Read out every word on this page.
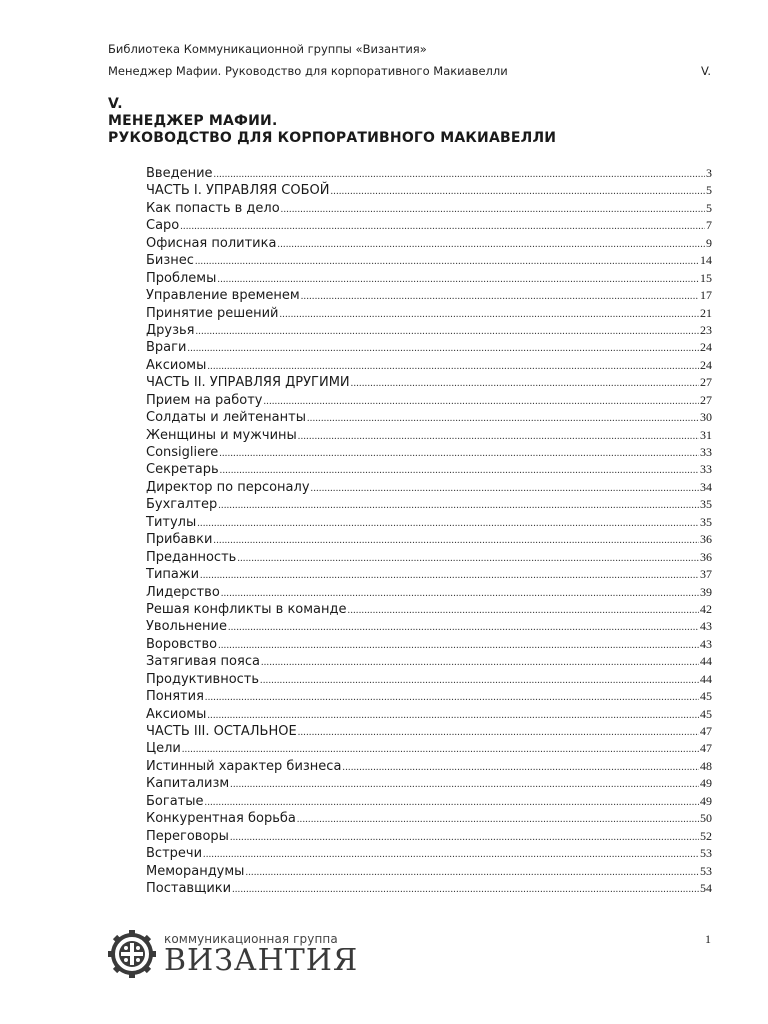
Библиотека Коммуникационной группы «Византия»
Менеджер Мафии. Руководство для корпоративного Макиавелли	V.
V.
МЕНЕДЖЕР МАФИИ.
РУКОВОДСТВО ДЛЯ КОРПОРАТИВНОГО МАКИАВЕЛЛИ
Введение .....	3
ЧАСТЬ I. УПРАВЛЯЯ СОБОЙ .....	5
Как попасть в дело .....	5
Capo .....	7
Офисная политика .....	9
Бизнес .....	14
Проблемы .....	15
Управление временем .....	17
Принятие решений .....	21
Друзья .....	23
Враги .....	24
Аксиомы .....	24
ЧАСТЬ II. УПРАВЛЯЯ ДРУГИМИ .....	27
Прием на работу .....	27
Солдаты и лейтенанты .....	30
Женщины и мужчины .....	31
Consigliere .....	33
Секретарь .....	33
Директор по персоналу .....	34
Бухгалтер .....	35
Титулы .....	35
Прибавки .....	36
Преданность .....	36
Типажи .....	37
Лидерство .....	39
Решая конфликты в команде .....	42
Увольнение .....	43
Воровство .....	43
Затягивая пояса .....	44
Продуктивность .....	44
Понятия .....	45
Аксиомы .....	45
ЧАСТЬ III. ОСТАЛЬНОЕ .....	47
Цели .....	47
Истинный характер бизнеса .....	48
Капитализм .....	49
Богатые .....	49
Конкурентная борьба .....	50
Переговоры .....	52
Встречи .....	53
Меморандумы .....	53
Поставщики .....	54
1
коммуникационная группа
ВИЗАНТИЯ
